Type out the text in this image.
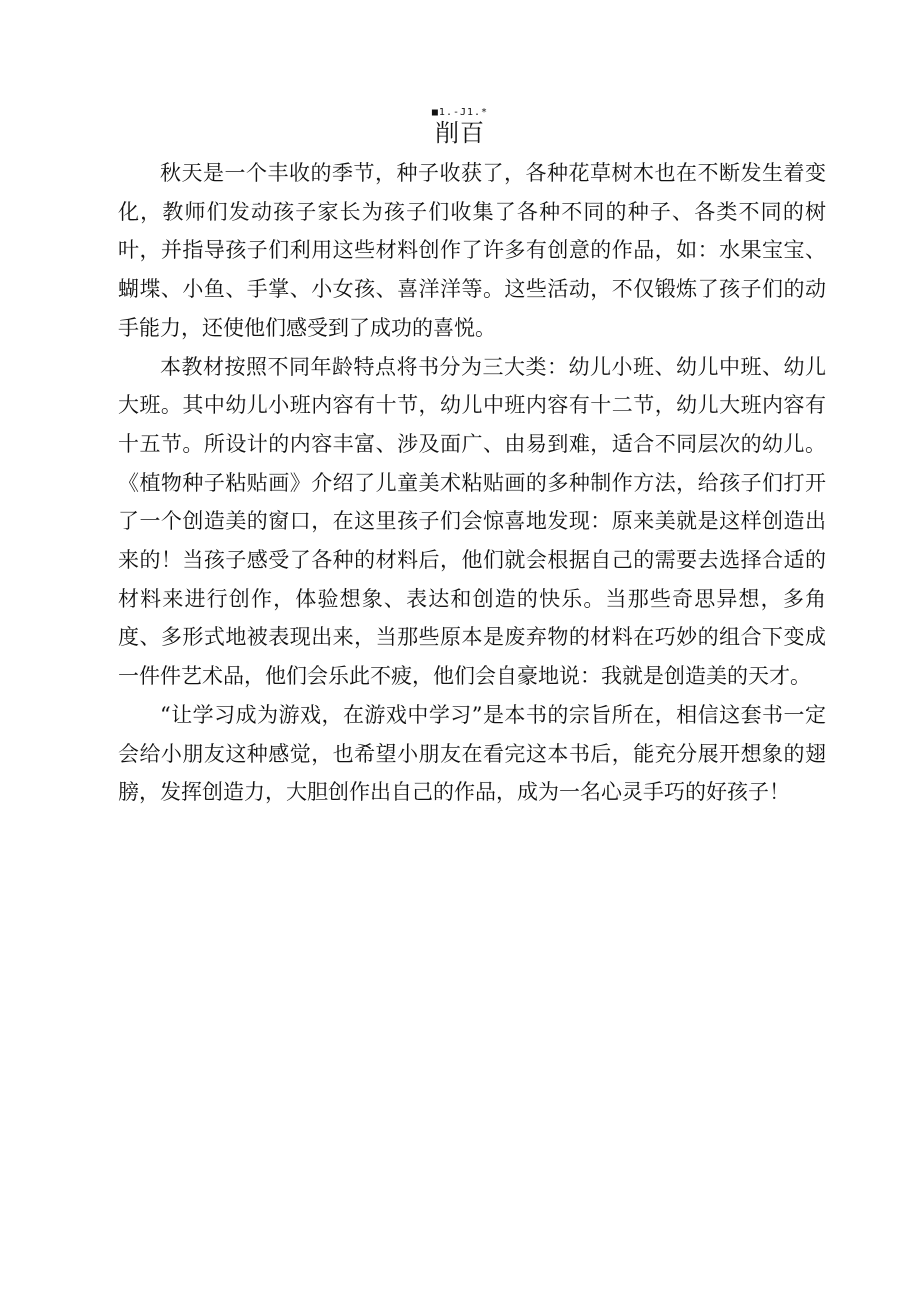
■1.-J1.*
削百

秋天是一个丰收的季节，种子收获了，各种花草树木也在不断发生着变化，教师们发动孩子家长为孩子们收集了各种不同的种子、各类不同的树叶，并指导孩子们利用这些材料创作了许多有创意的作品，如：水果宝宝、蝴堞、小鱼、手掌、小女孩、喜洋洋等。这些活动，不仅锻炼了孩子们的动手能力，还使他们感受到了成功的喜悦。

本教材按照不同年龄特点将书分为三大类：幼儿小班、幼儿中班、幼儿大班。其中幼儿小班内容有十节，幼儿中班内容有十二节，幼儿大班内容有十五节。所设计的内容丰富、涉及面广、由易到难，适合不同层次的幼儿。《植物种子粘贴画》介绍了儿童美术粘贴画的多种制作方法，给孩子们打开了一个创造美的窗口，在这里孩子们会惊喜地发现：原来美就是这样创造出来的！当孩子感受了各种的材料后，他们就会根据自己的需要去选择合适的材料来进行创作，体验想象、表达和创造的快乐。当那些奇思异想，多角度、多形式地被表现出来，当那些原本是废弃物的材料在巧妙的组合下变成一件件艺术品，他们会乐此不疲，他们会自豪地说：我就是创造美的天才。

“让学习成为游戏，在游戏中学习”是本书的宗旨所在，相信这套书一定会给小朋友这种感觉，也希望小朋友在看完这本书后，能充分展开想象的翅膀，发挥创造力，大胆创作出自己的作品，成为一名心灵手巧的好孩子！
